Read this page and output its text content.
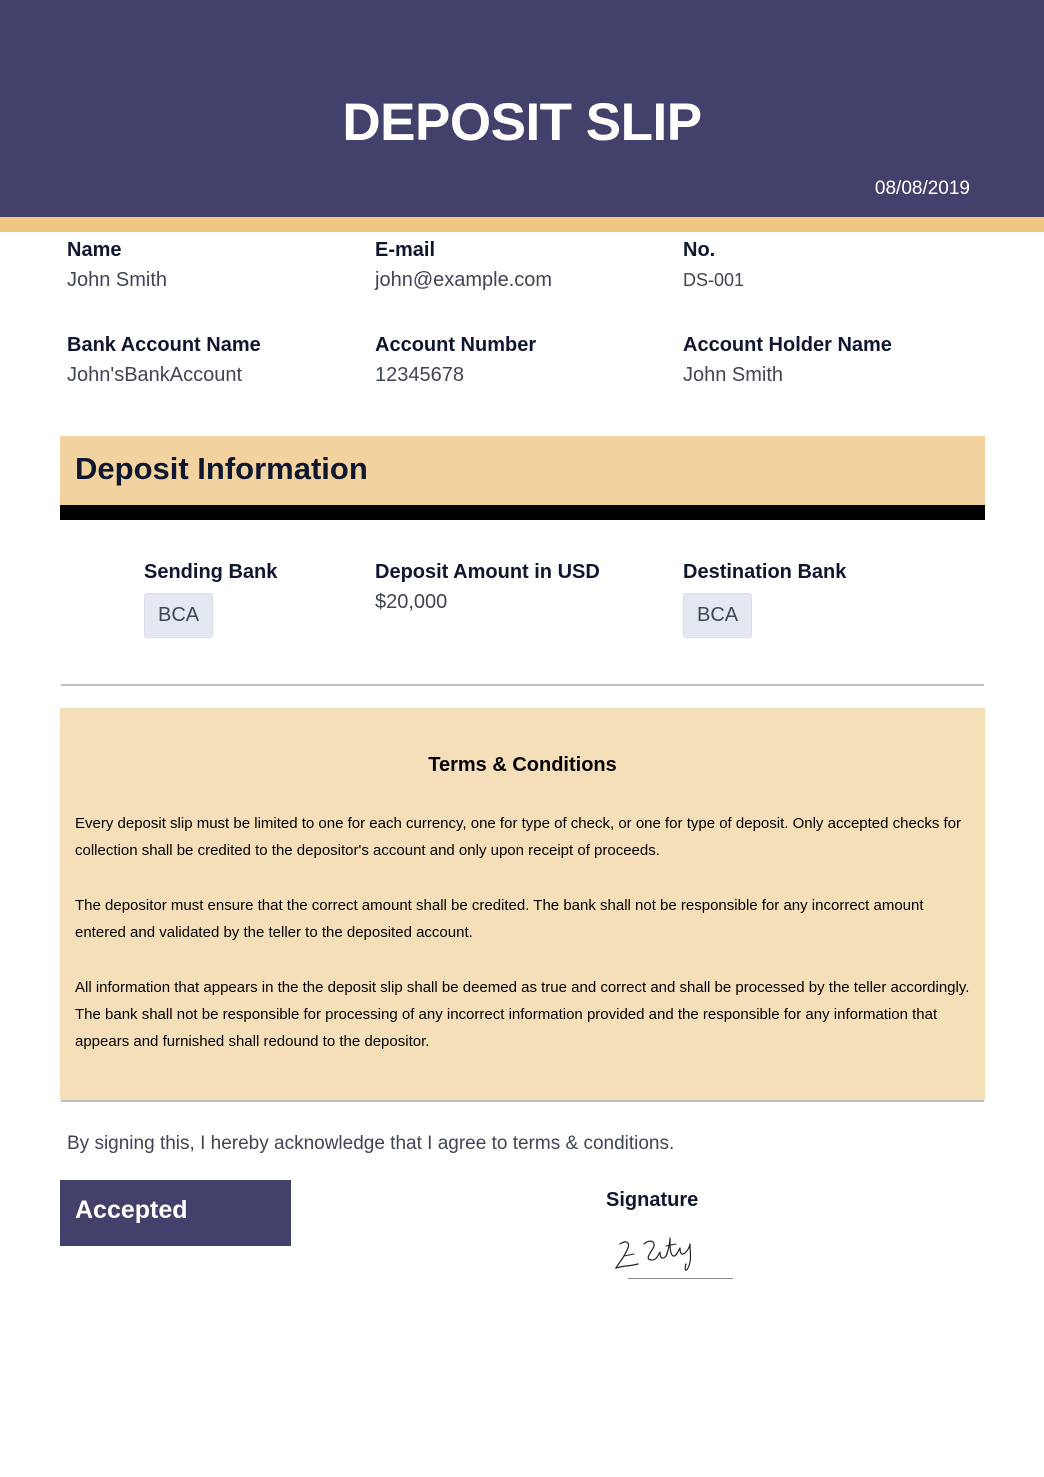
DEPOSIT SLIP
08/08/2019
Name
John Smith
E-mail
john@example.com
No.
DS-001
Bank Account Name
John'sBankAccount
Account Number
12345678
Account Holder Name
John Smith
Deposit Information
Sending Bank
BCA
Deposit Amount in USD
$20,000
Destination Bank
BCA
Terms & Conditions

Every deposit slip must be limited to one for each currency, one for type of check, or one for type of deposit. Only accepted checks for collection shall be credited to the depositor's account and only upon receipt of proceeds.

The depositor must ensure that the correct amount shall be credited. The bank shall not be responsible for any incorrect amount entered and validated by the teller to the deposited account.

All information that appears in the the deposit slip shall be deemed as true and correct and shall be processed by the teller accordingly. The bank shall not be responsible for processing of any incorrect information provided and the responsible for any information that appears and furnished shall redound to the depositor.

By signing this, I hereby acknowledge that I agree to terms & conditions.
Accepted	Signature
